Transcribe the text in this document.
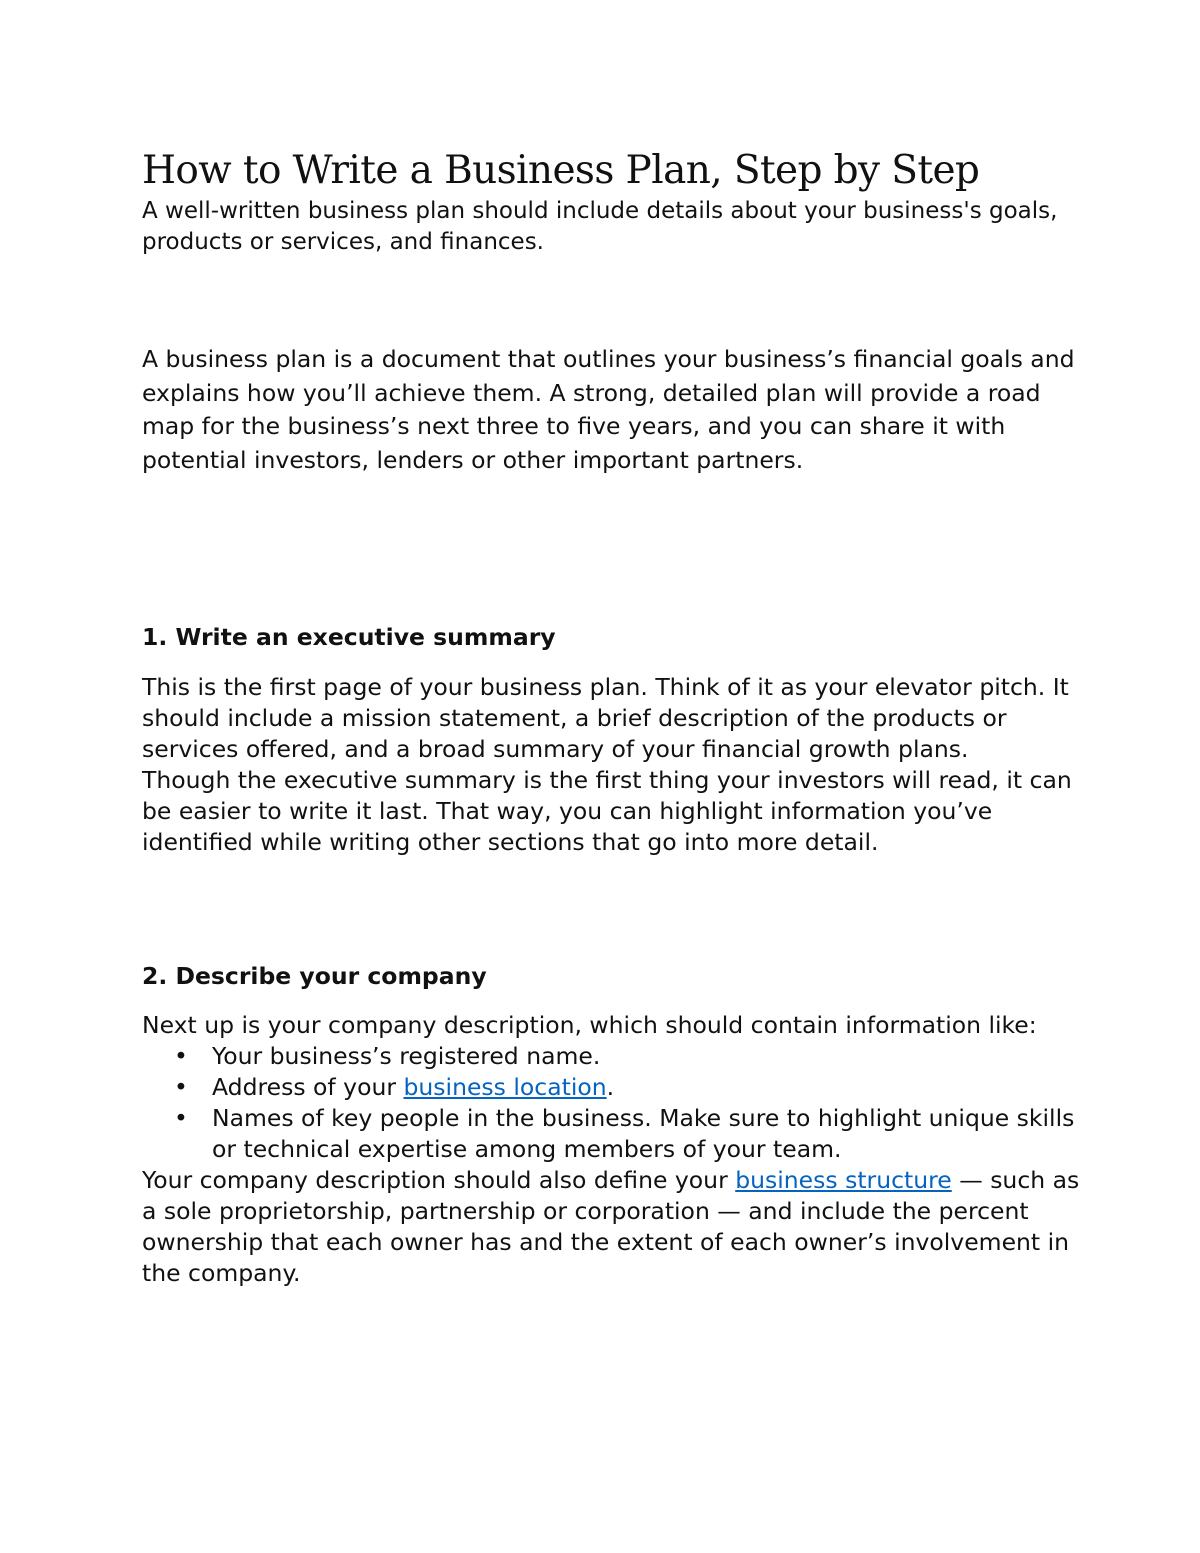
How to Write a Business Plan, Step by Step

A well-written business plan should include details about your business's goals, products or services, and finances.

A business plan is a document that outlines your business’s financial goals and explains how you’ll achieve them. A strong, detailed plan will provide a road map for the business’s next three to five years, and you can share it with potential investors, lenders or other important partners.

1. Write an executive summary

This is the first page of your business plan. Think of it as your elevator pitch. It should include a mission statement, a brief description of the products or services offered, and a broad summary of your financial growth plans.

Though the executive summary is the first thing your investors will read, it can be easier to write it last. That way, you can highlight information you’ve identified while writing other sections that go into more detail.

2. Describe your company

Next up is your company description, which should contain information like:

• Your business’s registered name.
• Address of your business location.
• Names of key people in the business. Make sure to highlight unique skills or technical expertise among members of your team.

Your company description should also define your business structure — such as a sole proprietorship, partnership or corporation — and include the percent ownership that each owner has and the extent of each owner’s involvement in the company.
